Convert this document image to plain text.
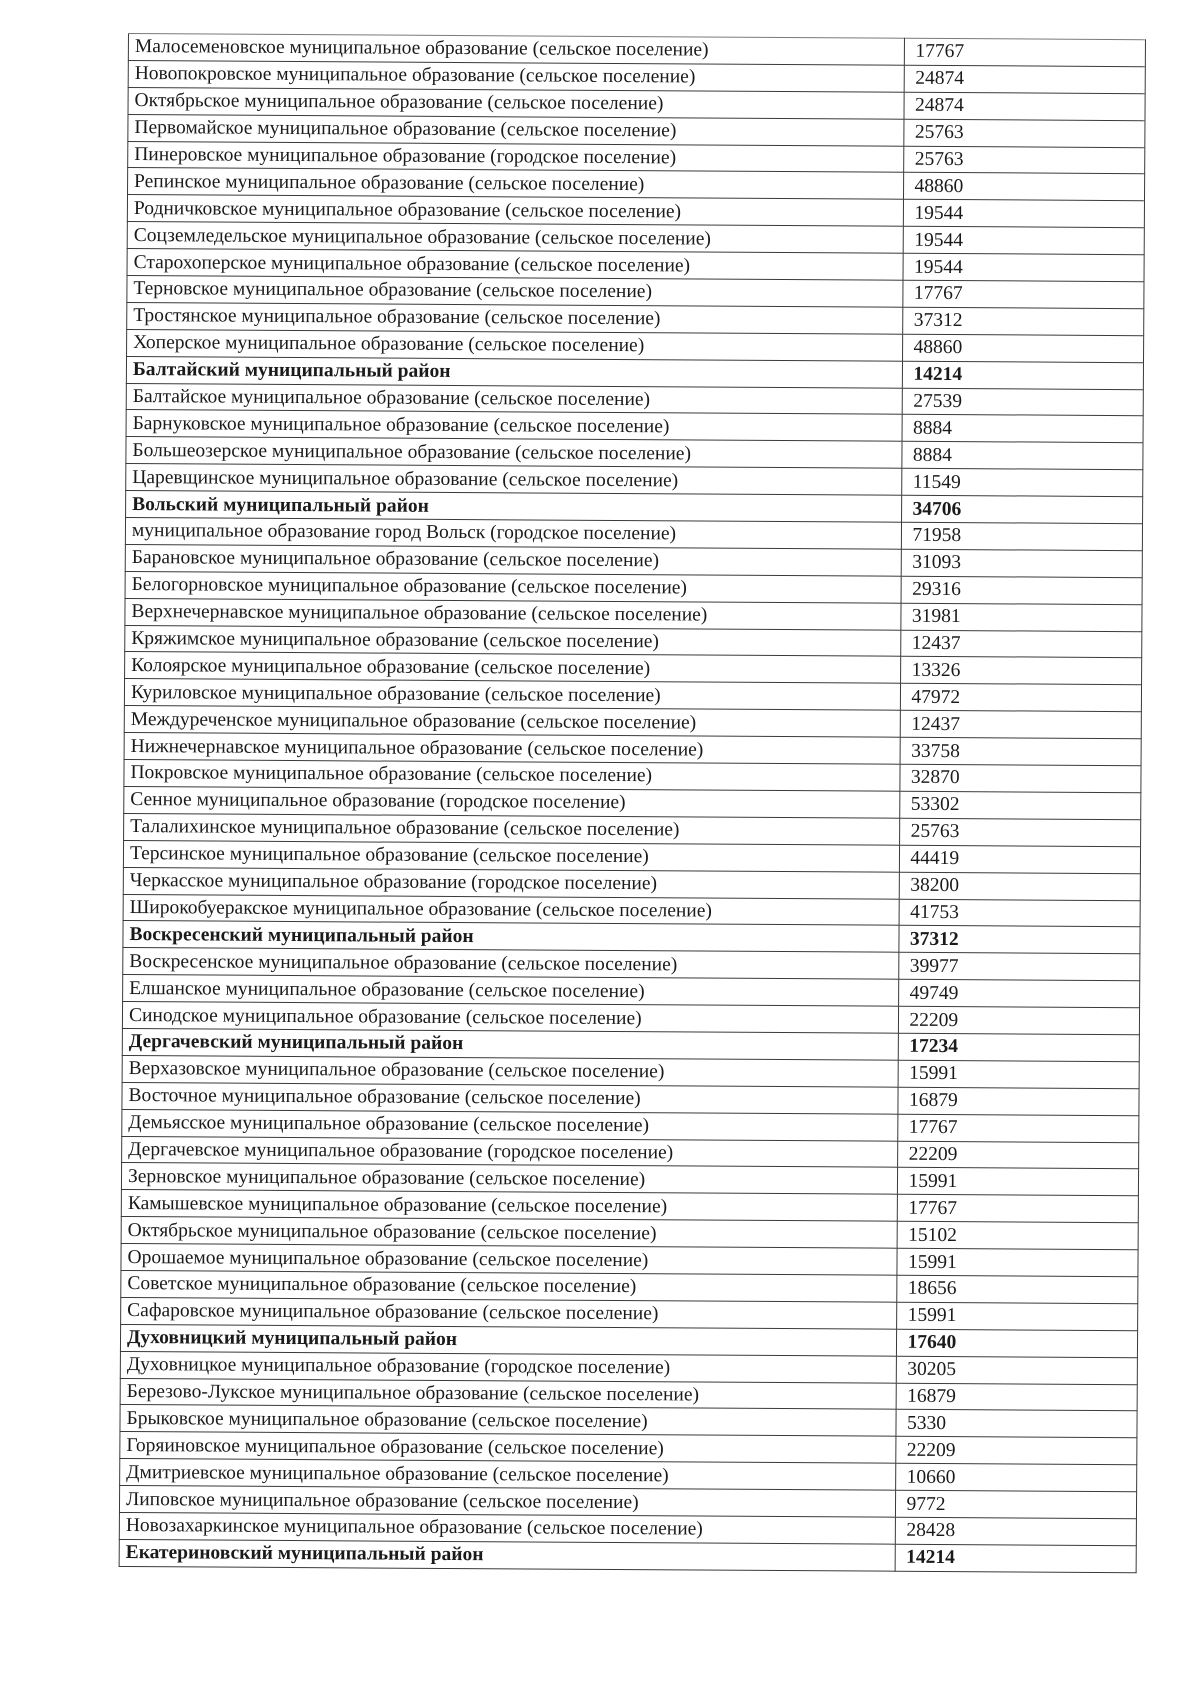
Малосеменовское муниципальное образование (сельское поселение)	17767
Новопокровское муниципальное образование (сельское поселение)	24874
Октябрьское муниципальное образование (сельское поселение)	24874
Первомайское муниципальное образование (сельское поселение)	25763
Пинеровское муниципальное образование (городское поселение)	25763
Репинское муниципальное образование (сельское поселение)	48860
Родничковское муниципальное образование (сельское поселение)	19544
Соцземледельское муниципальное образование (сельское поселение)	19544
Старохоперское муниципальное образование (сельское поселение)	19544
Терновское муниципальное образование (сельское поселение)	17767
Тростянское муниципальное образование (сельское поселение)	37312
Хоперское муниципальное образование (сельское поселение)	48860
Балтайский муниципальный район	14214
Балтайское муниципальное образование (сельское поселение)	27539
Барнуковское муниципальное образование (сельское поселение)	8884
Большеозерское муниципальное образование (сельское поселение)	8884
Царевщинское муниципальное образование (сельское поселение)	11549
Вольский муниципальный район	34706
муниципальное образование город Вольск (городское поселение)	71958
Барановское муниципальное образование (сельское поселение)	31093
Белогорновское муниципальное образование (сельское поселение)	29316
Верхнечернавское муниципальное образование (сельское поселение)	31981
Кряжимское муниципальное образование (сельское поселение)	12437
Колоярское муниципальное образование (сельское поселение)	13326
Куриловское муниципальное образование (сельское поселение)	47972
Междуреченское муниципальное образование (сельское поселение)	12437
Нижнечернавское муниципальное образование (сельское поселение)	33758
Покровское муниципальное образование (сельское поселение)	32870
Сенное муниципальное образование (городское поселение)	53302
Талалихинское муниципальное образование (сельское поселение)	25763
Терсинское муниципальное образование (сельское поселение)	44419
Черкасское муниципальное образование (городское поселение)	38200
Широкобуеракское муниципальное образование (сельское поселение)	41753
Воскресенский муниципальный район	37312
Воскресенское муниципальное образование (сельское поселение)	39977
Елшанское муниципальное образование (сельское поселение)	49749
Синодское муниципальное образование (сельское поселение)	22209
Дергачевский муниципальный район	17234
Верхазовское муниципальное образование (сельское поселение)	15991
Восточное муниципальное образование (сельское поселение)	16879
Демьясское муниципальное образование (сельское поселение)	17767
Дергачевское муниципальное образование (городское поселение)	22209
Зерновское муниципальное образование (сельское поселение)	15991
Камышевское муниципальное образование (сельское поселение)	17767
Октябрьское муниципальное образование (сельское поселение)	15102
Орошаемое муниципальное образование (сельское поселение)	15991
Советское муниципальное образование (сельское поселение)	18656
Сафаровское муниципальное образование (сельское поселение)	15991
Духовницкий муниципальный район	17640
Духовницкое муниципальное образование (городское поселение)	30205
Березово-Лукское муниципальное образование (сельское поселение)	16879
Брыковское муниципальное образование (сельское поселение)	5330
Горяиновское муниципальное образование (сельское поселение)	22209
Дмитриевское муниципальное образование (сельское поселение)	10660
Липовское муниципальное образование (сельское поселение)	9772
Новозахаркинское муниципальное образование (сельское поселение)	28428
Екатериновский муниципальный район	14214
